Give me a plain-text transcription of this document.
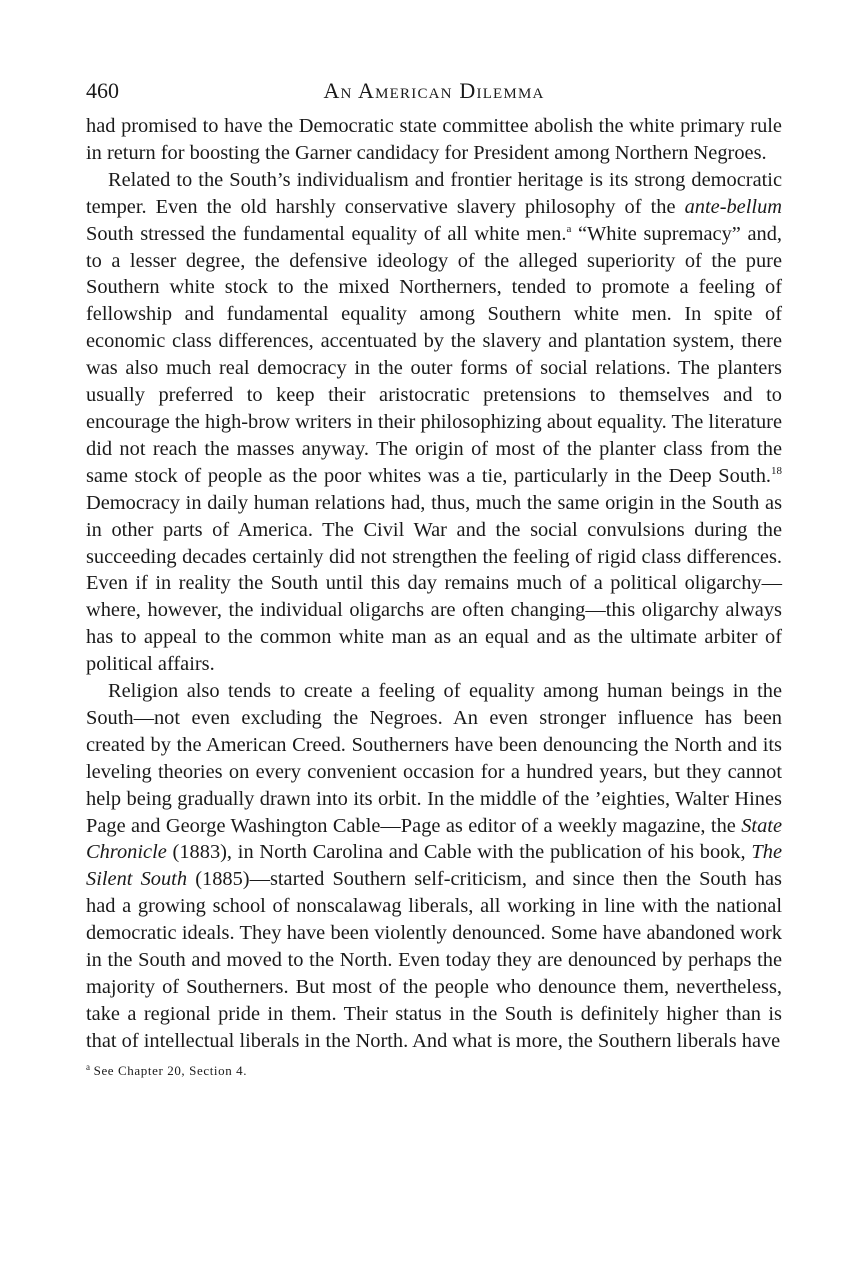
460	An American Dilemma

had promised to have the Democratic state committee abolish the white primary rule in return for boosting the Garner candidacy for President among Northern Negroes.

Related to the South’s individualism and frontier heritage is its strong democratic temper. Even the old harshly conservative slavery philosophy of the ante-bellum South stressed the fundamental equality of all white men.$^a$ “White supremacy” and, to a lesser degree, the defensive ideology of the alleged superiority of the pure Southern white stock to the mixed Northerners, tended to promote a feeling of fellowship and fundamental equality among Southern white men. In spite of economic class differences, accentuated by the slavery and plantation system, there was also much real democracy in the outer forms of social relations. The planters usually preferred to keep their aristocratic pretensions to themselves and to encourage the high-brow writers in their philosophizing about equality. The literature did not reach the masses anyway. The origin of most of the planter class from the same stock of people as the poor whites was a tie, particularly in the Deep South.$^{18}$ Democracy in daily human relations had, thus, much the same origin in the South as in other parts of America. The Civil War and the social convulsions during the succeeding decades certainly did not strengthen the feeling of rigid class differences. Even if in reality the South until this day remains much of a political oligarchy—where, however, the individual oligarchs are often changing—this oligarchy always has to appeal to the common white man as an equal and as the ultimate arbiter of political affairs.

Religion also tends to create a feeling of equality among human beings in the South—not even excluding the Negroes. An even stronger influence has been created by the American Creed. Southerners have been denouncing the North and its leveling theories on every convenient occasion for a hundred years, but they cannot help being gradually drawn into its orbit. In the middle of the ’eighties, Walter Hines Page and George Washington Cable—Page as editor of a weekly magazine, the State Chronicle (1883), in North Carolina and Cable with the publication of his book, The Silent South (1885)—started Southern self-criticism, and since then the South has had a growing school of nonscalawag liberals, all working in line with the national democratic ideals. They have been violently denounced. Some have abandoned work in the South and moved to the North. Even today they are denounced by perhaps the majority of Southerners. But most of the people who denounce them, nevertheless, take a regional pride in them. Their status in the South is definitely higher than is that of intellectual liberals in the North. And what is more, the Southern liberals have

$^a$ See Chapter 20, Section 4.
